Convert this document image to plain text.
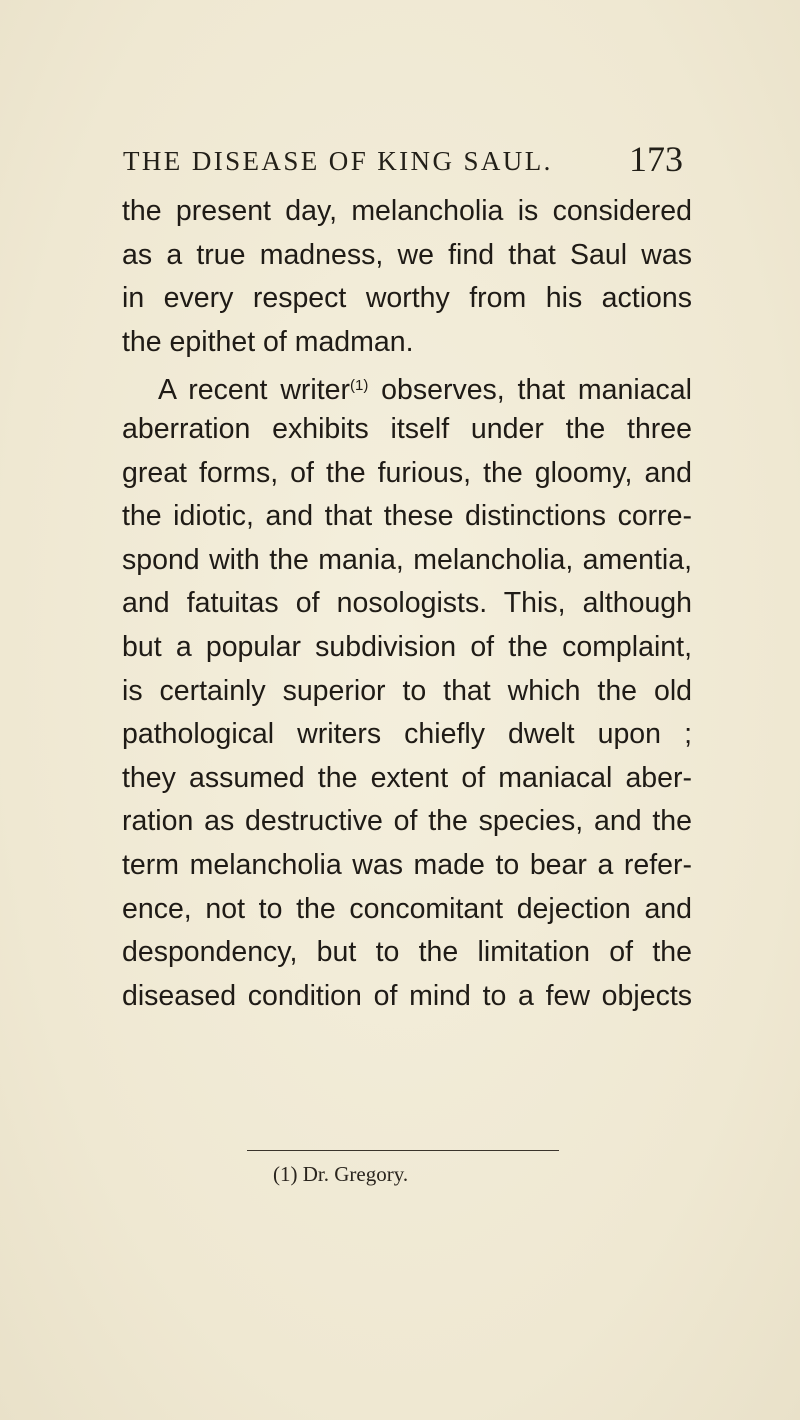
THE DISEASE OF KING SAUL. 173
the present day, melancholia is considered
as a true madness, we find that Saul was
in every respect worthy from his actions
the epithet of madman.
A recent writer$^{(1)}$ observes, that maniacal
aberration exhibits itself under the three
great forms, of the furious, the gloomy, and
the idiotic, and that these distinctions corre-
spond with the mania, melancholia, amentia,
and fatuitas of nosologists. This, although
but a popular subdivision of the complaint,
is certainly superior to that which the old
pathological writers chiefly dwelt upon ;
they assumed the extent of maniacal aber-
ration as destructive of the species, and the
term melancholia was made to bear a refer-
ence, not to the concomitant dejection and
despondency, but to the limitation of the
diseased condition of mind to a few objects
(1) Dr. Gregory.
